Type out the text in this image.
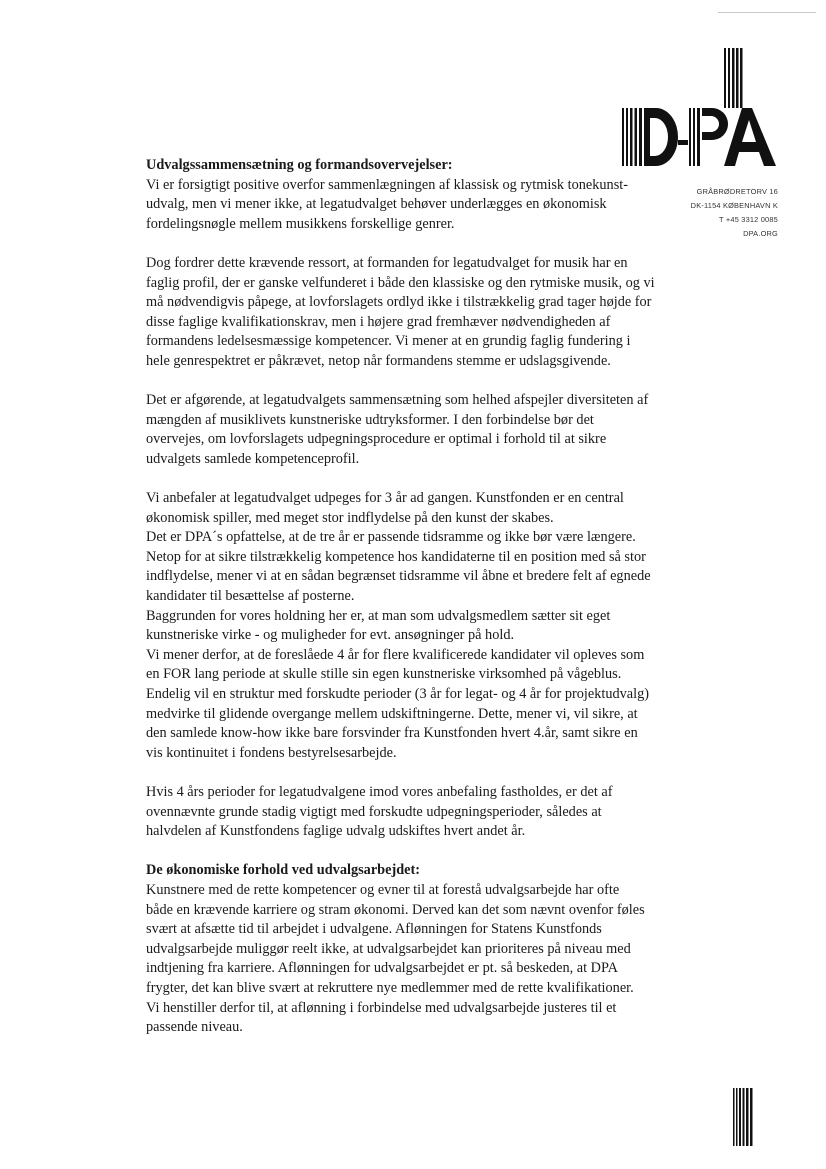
GRÅBRØDRETORV 16
DK-1154 KØBENHAVN K
T +45 3312 0085
DPA.ORG

Udvalgssammensætning og formandsovervejelser:
Vi er forsigtigt positive overfor sammenlægningen af klassisk og rytmisk tonekunst-
udvalg, men vi mener ikke, at legatudvalget behøver underlægges en økonomisk
fordelingsnøgle mellem musikkens forskellige genrer.

Dog fordrer dette krævende ressort, at formanden for legatudvalget for musik har en
faglig profil, der er ganske velfunderet i både den klassiske og den rytmiske musik, og vi
må nødvendigvis påpege, at lovforslagets ordlyd ikke i tilstrækkelig grad tager højde for
disse faglige kvalifikationskrav, men i højere grad fremhæver nødvendigheden af
formandens ledelsesmæssige kompetencer. Vi mener at en grundig faglig fundering i
hele genrespektret er påkrævet, netop når formandens stemme er udslagsgivende.

Det er afgørende, at legatudvalgets sammensætning som helhed afspejler diversiteten af
mængden af musiklivets kunstneriske udtryksformer. I den forbindelse bør det
overvejes, om lovforslagets udpegningsprocedure er optimal i forhold til at sikre
udvalgets samlede kompetenceprofil.

Vi anbefaler at legatudvalget udpeges for 3 år ad gangen. Kunstfonden er en central
økonomisk spiller, med meget stor indflydelse på den kunst der skabes.
Det er DPA´s opfattelse, at de tre år er passende tidsramme og ikke bør være længere.
Netop for at sikre tilstrækkelig kompetence hos kandidaterne til en position med så stor
indflydelse, mener vi at en sådan begrænset tidsramme vil åbne et bredere felt af egnede
kandidater til besættelse af posterne.
Baggrunden for vores holdning her er, at man som udvalgsmedlem sætter sit eget
kunstneriske virke - og muligheder for evt. ansøgninger på hold.
Vi mener derfor, at de foreslåede 4 år for flere kvalificerede kandidater vil opleves som
en FOR lang periode at skulle stille sin egen kunstneriske virksomhed på vågeblus.
Endelig vil en struktur med forskudte perioder (3 år for legat- og 4 år for projektudvalg)
medvirke til glidende overgange mellem udskiftningerne. Dette, mener vi, vil sikre, at
den samlede know-how ikke bare forsvinder fra Kunstfonden hvert 4.år, samt sikre en
vis kontinuitet i fondens bestyrelsesarbejde.

Hvis 4 års perioder for legatudvalgene imod vores anbefaling fastholdes, er det af
ovennævnte grunde stadig vigtigt med forskudte udpegningsperioder, således at
halvdelen af Kunstfondens faglige udvalg udskiftes hvert andet år.

De økonomiske forhold ved udvalgsarbejdet:
Kunstnere med de rette kompetencer og evner til at forestå udvalgsarbejde har ofte
både en krævende karriere og stram økonomi. Derved kan det som nævnt ovenfor føles
svært at afsætte tid til arbejdet i udvalgene. Aflønningen for Statens Kunstfonds
udvalgsarbejde muliggør reelt ikke, at udvalgsarbejdet kan prioriteres på niveau med
indtjening fra karriere. Aflønningen for udvalgsarbejdet er pt. så beskeden, at DPA
frygter, det kan blive svært at rekruttere nye medlemmer med de rette kvalifikationer.
Vi henstiller derfor til, at aflønning i forbindelse med udvalgsarbejde justeres til et
passende niveau.
